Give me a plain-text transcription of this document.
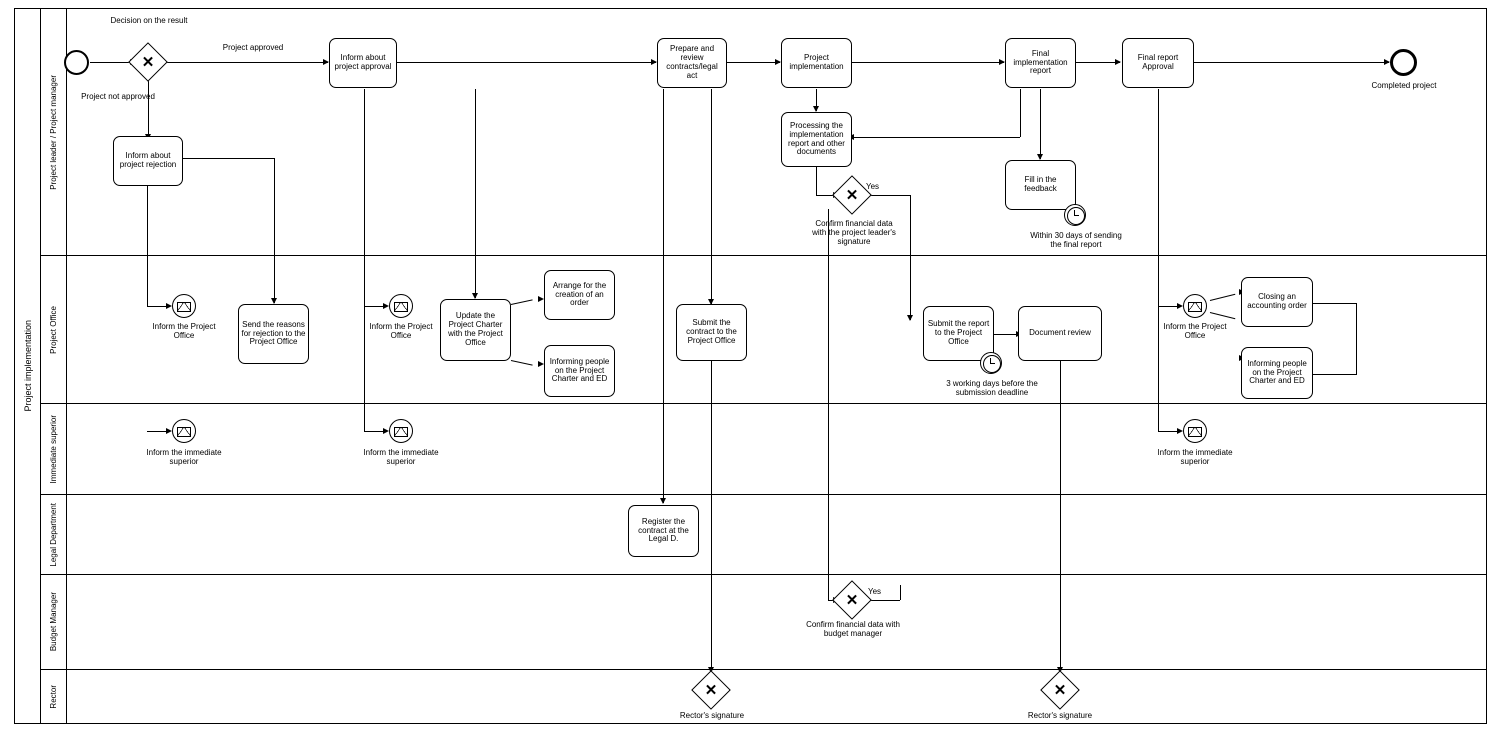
Project implementation
Project leader / Project manager
Project Office
Immediate superior
Legal Department
Budget Manager
Rector
Completed project
✕
Decision on the result
✕
Confirm financial data with the project leader's signature
Yes
✕
Confirm financial data with budget manager
Yes
✕
Rector's signature
✕
Rector's signature
Project approved
Project not approved
Inform about project approval
Inform about project rejection
Prepare and review contracts/legal act
Project implementation
Processing the implementation report and other documents
Final implementation report
Fill in the feedback
Final report Approval
Send the reasons for rejection to the Project Office
Update the Project Charter with the Project Office
Arrange for the creation of an order
Informing people on the Project Charter and ED
Submit the contract to the Project Office
Submit the report to the Project Office
Document review
Closing an accounting order
Informing people on the Project Charter and ED
Register the contract at the Legal D.
Inform the Project Office
Inform the Project Office
Inform the Project Office
Inform the immediate superior
Inform the immediate superior
Inform the immediate superior
Within 30 days of sending the final report
3 working days before the submission deadline
